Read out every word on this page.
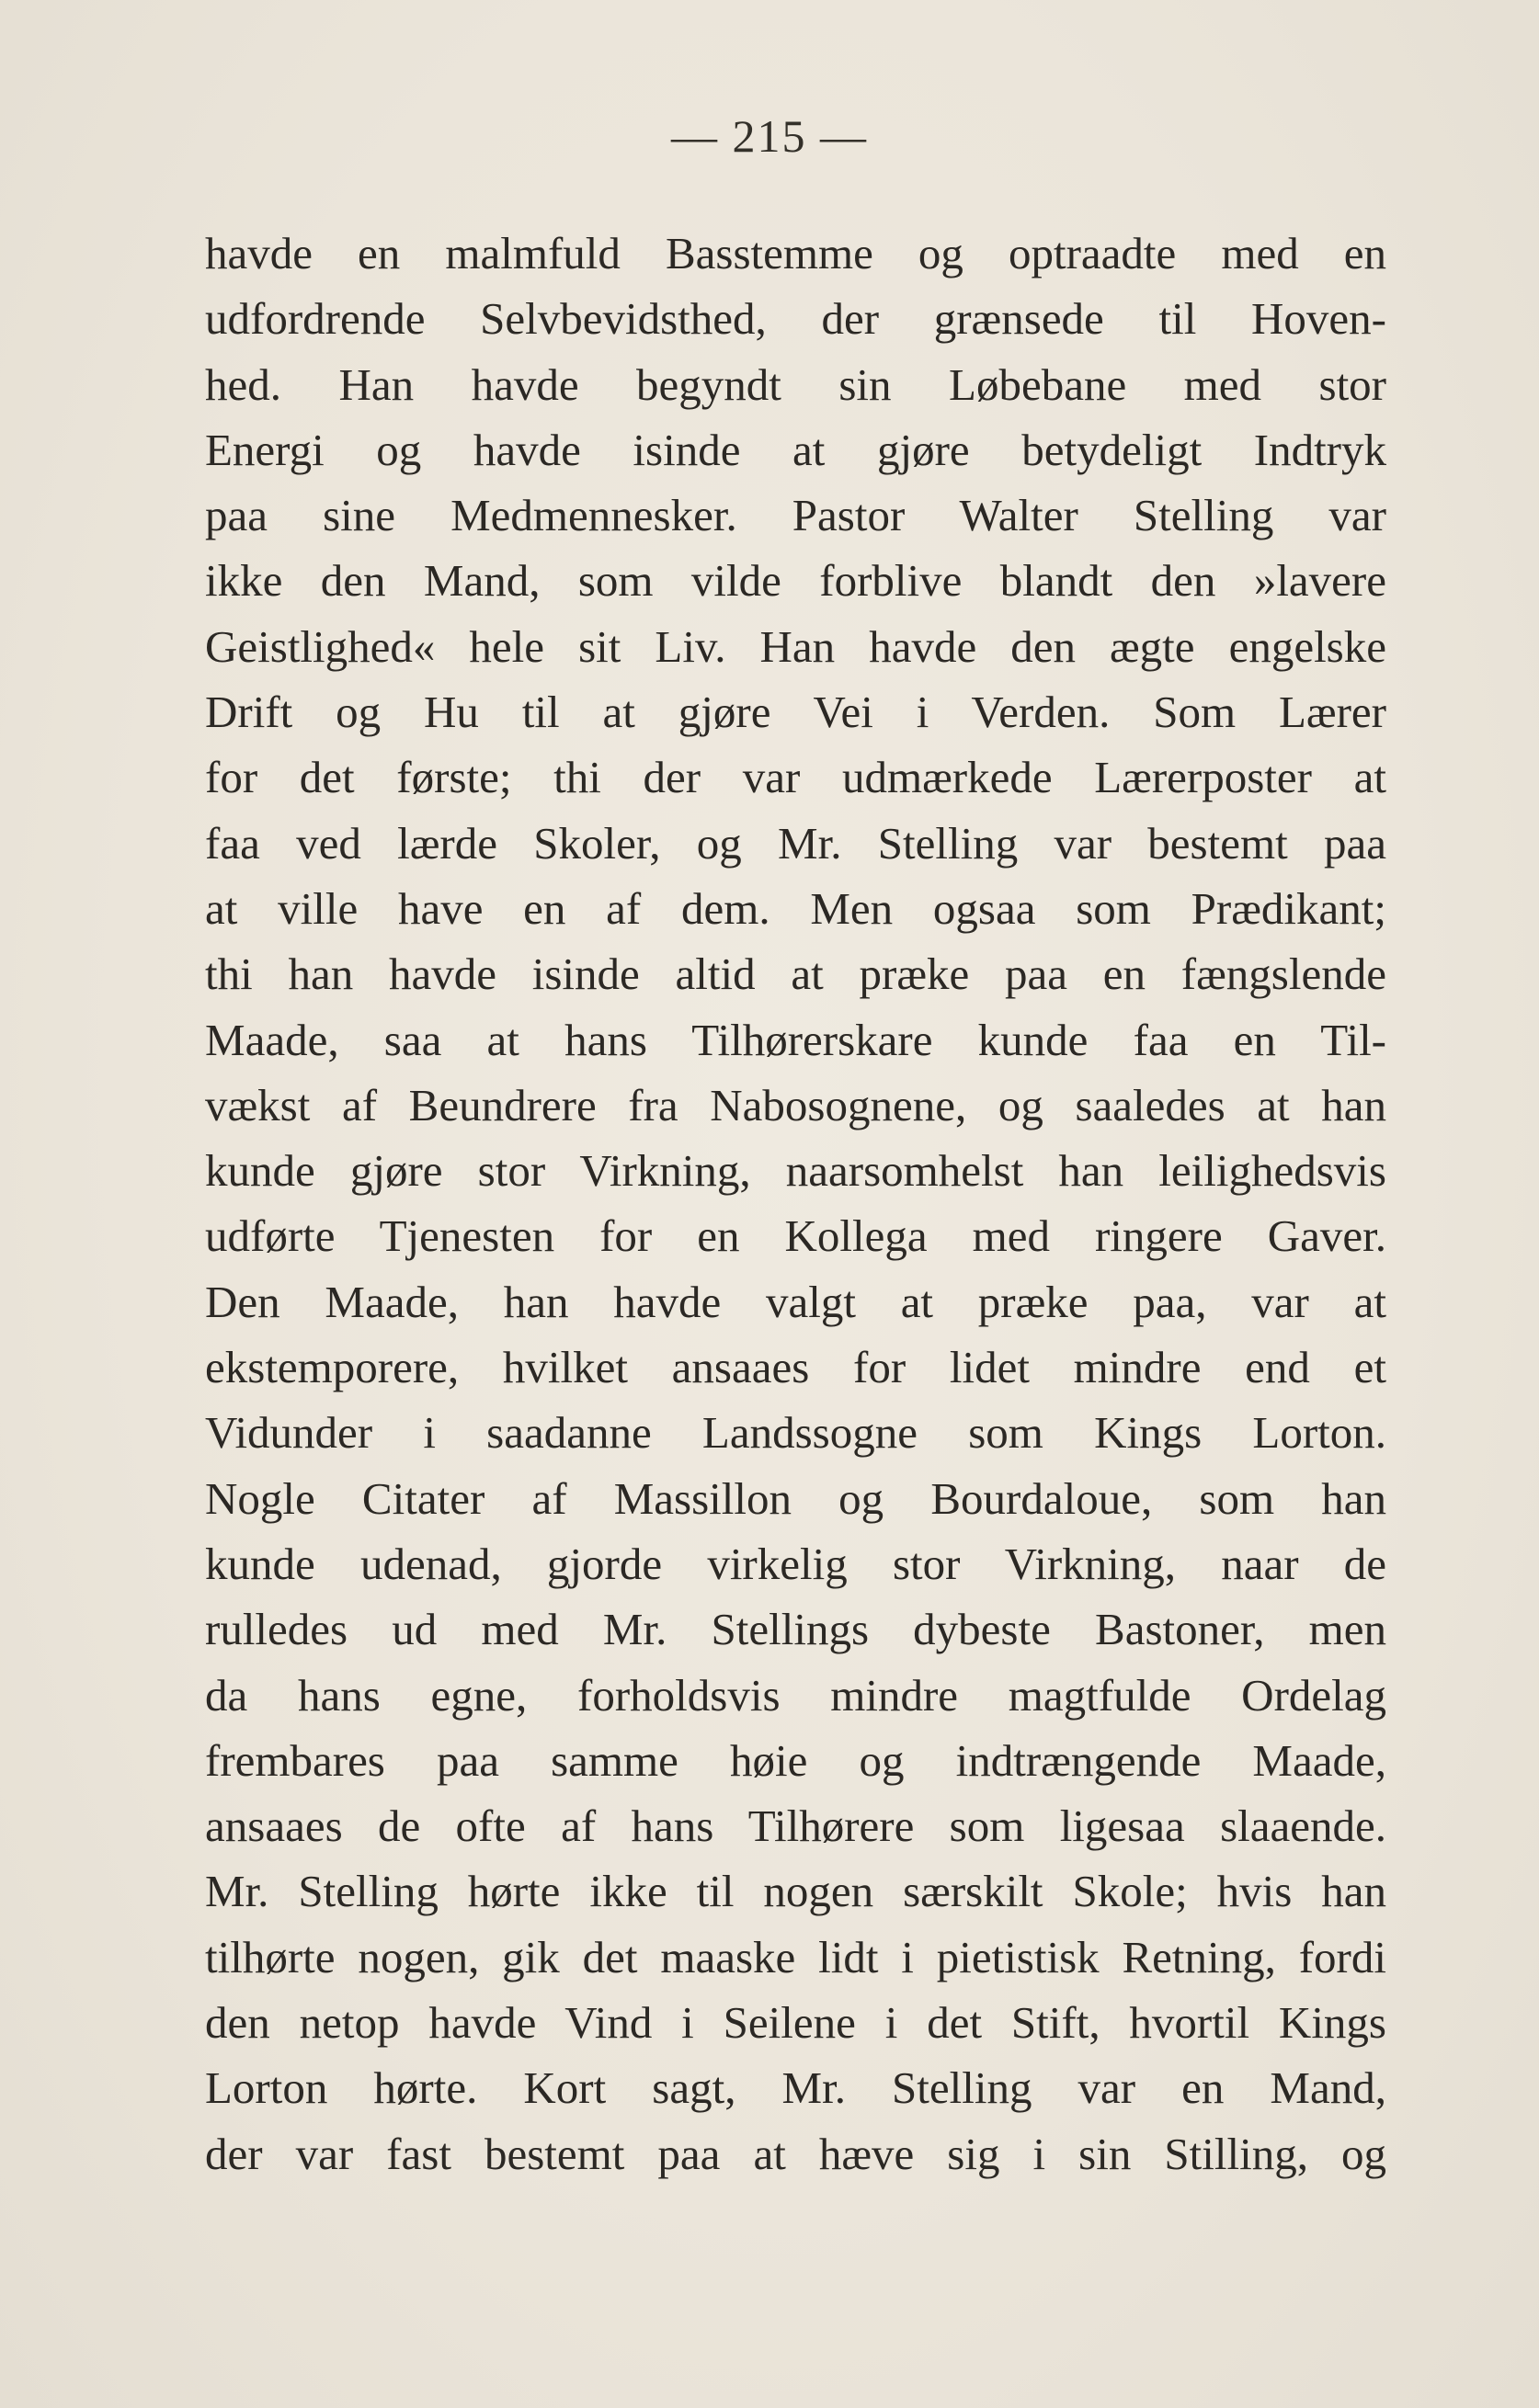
— 215 —
havde en malmfuld Basstemme og optraadte med en
udfordrende Selvbevidsthed, der grænsede til Hoven-
hed. Han havde begyndt sin Løbebane med stor
Energi og havde isinde at gjøre betydeligt Indtryk
paa sine Medmennesker. Pastor Walter Stelling var
ikke den Mand, som vilde forblive blandt den »lavere
Geistlighed« hele sit Liv. Han havde den ægte engelske
Drift og Hu til at gjøre Vei i Verden. Som Lærer
for det første; thi der var udmærkede Lærerposter at
faa ved lærde Skoler, og Mr. Stelling var bestemt paa
at ville have en af dem. Men ogsaa som Prædikant;
thi han havde isinde altid at præke paa en fængslende
Maade, saa at hans Tilhørerskare kunde faa en Til-
vækst af Beundrere fra Nabosognene, og saaledes at han
kunde gjøre stor Virkning, naarsomhelst han leilighedsvis
udførte Tjenesten for en Kollega med ringere Gaver.
Den Maade, han havde valgt at præke paa, var at
ekstemporere, hvilket ansaaes for lidet mindre end et
Vidunder i saadanne Landssogne som Kings Lorton.
Nogle Citater af Massillon og Bourdaloue, som han
kunde udenad, gjorde virkelig stor Virkning, naar de
rulledes ud med Mr. Stellings dybeste Bastoner, men
da hans egne, forholdsvis mindre magtfulde Ordelag
frembares paa samme høie og indtrængende Maade,
ansaaes de ofte af hans Tilhørere som ligesaa slaaende.
Mr. Stelling hørte ikke til nogen særskilt Skole; hvis han
tilhørte nogen, gik det maaske lidt i pietistisk Retning, fordi
den netop havde Vind i Seilene i det Stift, hvortil Kings
Lorton hørte. Kort sagt, Mr. Stelling var en Mand,
der var fast bestemt paa at hæve sig i sin Stilling, og
